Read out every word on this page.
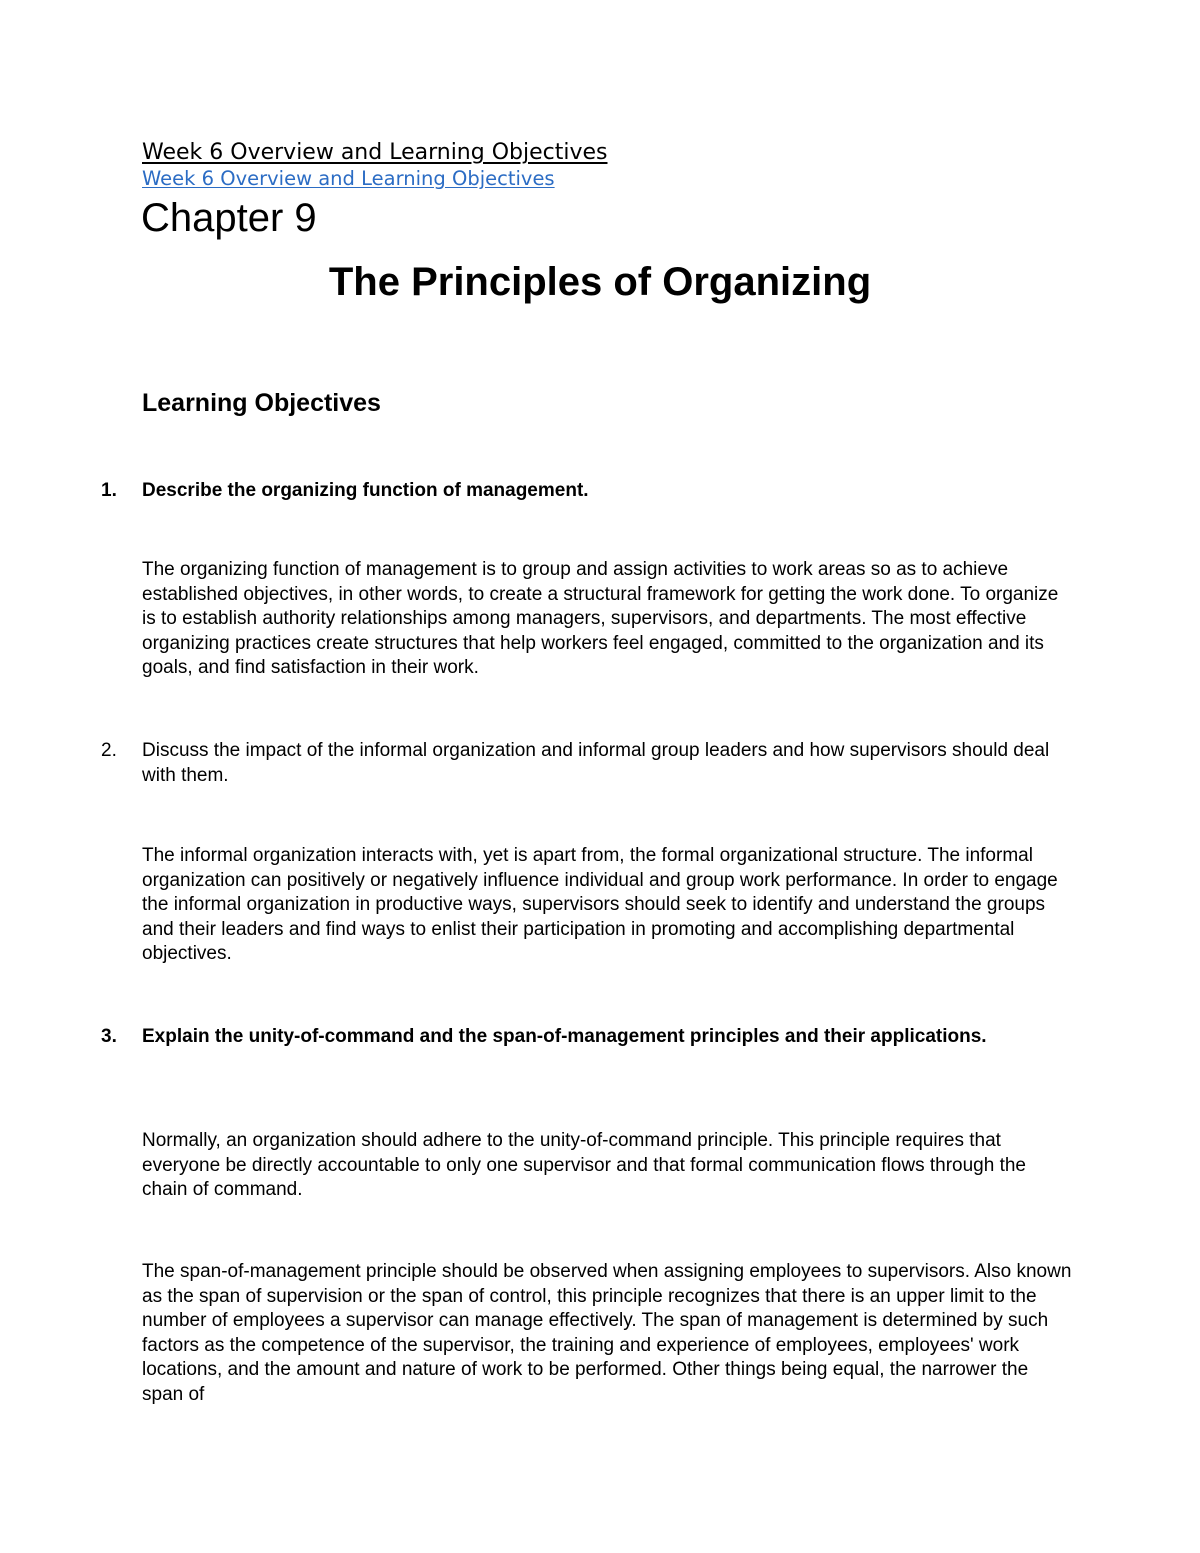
Week 6 Overview and Learning Objectives
Week 6 Overview and Learning Objectives
Chapter 9
The Principles of Organizing
Learning Objectives
1. Describe the organizing function of management.
The organizing function of management is to group and assign activities to work areas so as to achieve established objectives, in other words, to create a structural framework for getting the work done. To organize is to establish authority relationships among managers, supervisors, and departments. The most effective organizing practices create structures that help workers feel engaged, committed to the organization and its goals, and find satisfaction in their work.
2. Discuss the impact of the informal organization and informal group leaders and how supervisors should deal with them.
The informal organization interacts with, yet is apart from, the formal organizational structure. The informal organization can positively or negatively influence individual and group work performance. In order to engage the informal organization in productive ways, supervisors should seek to identify and understand the groups and their leaders and find ways to enlist their participation in promoting and accomplishing departmental objectives.
3. Explain the unity-of-command and the span-of-management principles and their applications.
Normally, an organization should adhere to the unity-of-command principle. This principle requires that everyone be directly accountable to only one supervisor and that formal communication flows through the chain of command.
The span-of-management principle should be observed when assigning employees to supervisors. Also known as the span of supervision or the span of control, this principle recognizes that there is an upper limit to the number of employees a supervisor can manage effectively. The span of management is determined by such factors as the competence of the supervisor, the training and experience of employees, employees' work locations, and the amount and nature of work to be performed. Other things being equal, the narrower the span of
